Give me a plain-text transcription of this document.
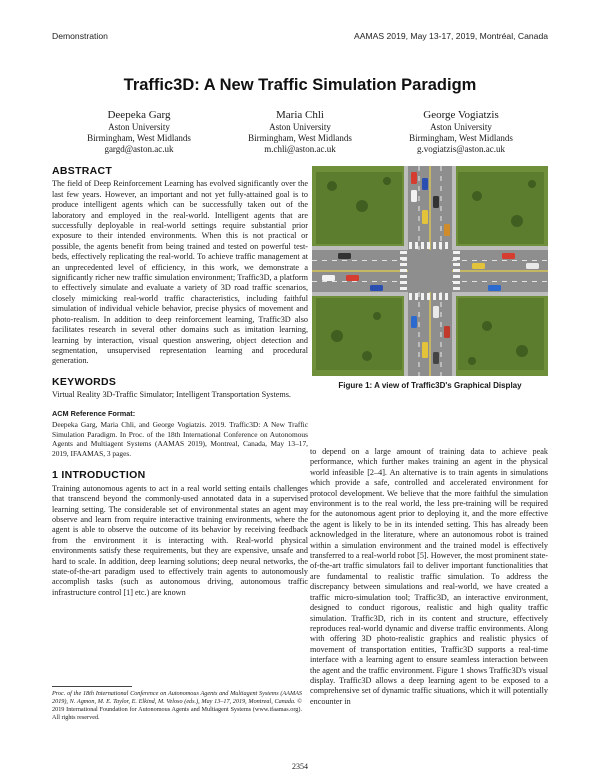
Demonstration	AAMAS 2019, May 13-17, 2019, Montréal, Canada
Traffic3D: A New Traffic Simulation Paradigm
Deepeka Garg
Aston University
Birmingham, West Midlands
gargd@aston.ac.uk
Maria Chli
Aston University
Birmingham, West Midlands
m.chli@aston.ac.uk
George Vogiatzis
Aston University
Birmingham, West Midlands
g.vogiatzis@aston.ac.uk
ABSTRACT

The field of Deep Reinforcement Learning has evolved significantly over the last few years. However, an important and not yet fully-attained goal is to produce intelligent agents which can be successfully taken out of the laboratory and employed in the real-world. Intelligent agents that are successfully deployable in real-world settings require substantial prior exposure to their intended environments. When this is not practical or possible, the agents benefit from being trained and tested on powerful test-beds, effectively replicating the real-world. To achieve traffic management at an unprecedented level of efficiency, in this work, we demonstrate a significantly richer new traffic simulation environment; Traffic3D, a platform to effectively simulate and evaluate a variety of 3D road traffic scenarios, closely mimicking real-world traffic characteristics, including faithful simulation of individual vehicle behavior, precise physics of movement and photo-realism. In addition to deep reinforcement learning, Traffic3D also facilitates research in several other domains such as imitation learning, learning by interaction, visual question answering, object detection and segmentation, unsupervised representation learning and procedural generation.

KEYWORDS

Virtual Reality 3D-Traffic Simulator; Intelligent Transportation Systems.

ACM Reference Format:

Deepeka Garg, Maria Chli, and George Vogiatzis. 2019. Traffic3D: A New Traffic Simulation Paradigm. In Proc. of the 18th International Conference on Autonomous Agents and Multiagent Systems (AAMAS 2019), Montreal, Canada, May 13–17, 2019, IFAAMAS, 3 pages.

1 INTRODUCTION

Training autonomous agents to act in a real world setting entails challenges that transcend beyond the commonly-used annotated data in a supervised learning setting. The considerable set of environmental states an agent may observe and learn from require interactive training environments, where the agent is able to observe the outcome of its behavior by receiving feedback from the environment it is interacting with. Real-world physical environments satisfy these requirements, but they are expensive, unsafe and hard to scale. In addition, deep learning solutions; deep neural networks, the state-of-the-art paradigm used to effectively train agents to autonomously accomplish tasks (such as autonomous driving, autonomous traffic infrastructure control [1] etc.) are known

Figure 1: A view of Traffic3D's Graphical Display

to depend on a large amount of training data to achieve peak performance, which further makes training an agent in the physical world infeasible [2–4]. An alternative is to train agents in simulations which provide a safe, controlled and accelerated environment for protocol development. We believe that the more faithful the simulation environment is to the real world, the less pre-training will be required for the autonomous agent prior to deploying it, and the more effective the agent is likely to be in its intended setting. This has already been acknowledged in the literature, where an autonomous robot is trained within a simulation environment and the trained model is effectively transferred to a real-world robot [5]. However, the most prominent state-of-the-art traffic simulators fail to deliver important functionalities that are fundamental to realistic traffic simulation. To address the discrepancy between simulations and real-world, we have created a traffic micro-simulation tool; Traffic3D, an interactive environment, designed to conduct rigorous, realistic and high quality traffic simulation. Traffic3D, rich in its content and structure, effectively reproduces real-world dynamic and diverse traffic environments. Along with offering 3D photo-realistic graphics and realistic physics of movement of transportation entities, Traffic3D supports a real-time interface with a learning agent to ensure seamless interaction between the agent and the traffic environment. Figure 1 shows Traffic3D's visual display. Traffic3D allows a deep learning agent to be exposed to a comprehensive set of dynamic traffic situations, which it will potentially encounter in

Proc. of the 18th International Conference on Autonomous Agents and Multiagent Systems (AAMAS 2019), N. Agmon, M. E. Taylor, E. Elkind, M. Veloso (eds.), May 13–17, 2019, Montreal, Canada. © 2019 International Foundation for Autonomous Agents and Multiagent Systems (www.ifaamas.org). All rights reserved.
2354
